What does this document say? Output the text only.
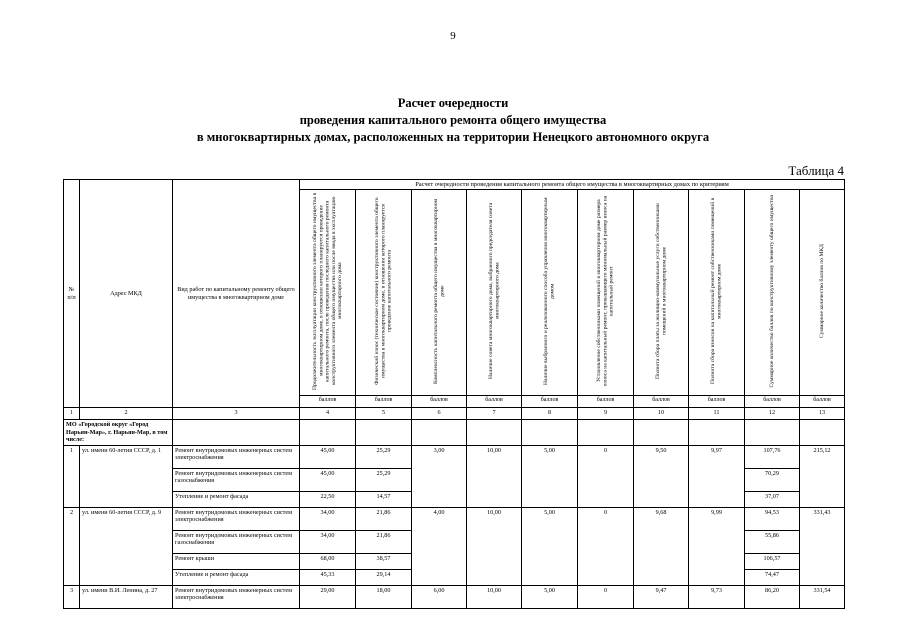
9
Расчет очередности
проведения капитального ремонта общего имущества
в многоквартирных домах, расположенных на территории Ненецкого автономного округа
Таблица 4
№ п/п	Адрес МКД	Вид работ по капитальному ремонту общего имущества в многоквартирном доме	Расчет очередности проведения капитального ремонта общего имущества в многоквартирных домах по критериям									
			Продолжительность эксплуатации конструктивного элемента общего имущества в многоквартирном доме, в отношении которого планируется проведение капитального ремонта, после проведения последнего капитального ремонта конструктивного элемента общего имущества или после ввода в эксплуатацию многоквартирного дома	Физический износ (техническое состояние) конструктивного элемента общего имущества в многоквартирном доме, в отношении которого планируется проведение капитального ремонта	Комплексность капитального ремонта общего имущества в многоквартирном доме	Наличие совета многоквартирного дома, выбранного председателя совета многоквартирного дома	Наличие выбранного и реализованного способа управления многоквартирным домом	Установление собственниками помещений в многоквартирном доме размера взноса на капитальный ремонт, превышающего минимальный размер взноса на капитальный ремонт	Полнота сбора платы за жилищно-коммунальные услуги собственниками помещений в многоквартирном доме	Полнота сбора взносов на капитальный ремонт собственниками помещений в многоквартирном доме	Суммарное количество баллов по конструктивному элементу общего имущества	Суммарное количество баллов по МКД
			баллов	баллов	баллов	баллов	баллов	баллов	баллов	баллов	баллов	баллов
1	2	3	4	5	6	7	8	9	10	11	12	13
МО «Городской округ «Город Нарьян-Мар», г. Нарьян-Мар, в том числе:												
1	ул. имени 60-летия СССР, д. 1	Ремонт внутридомовых инженерных систем электроснабжения	45,00	25,29	3,00	10,00	5,00	0	9,50	9,97	107,76	215,12
		Ремонт внутридомовых инженерных систем газоснабжения	45,00	25,29							70,29	
		Утепление и ремонт фасада	22,50	14,57							37,07	
2	ул. имени 60-летия СССР, д. 9	Ремонт внутридомовых инженерных систем электроснабжения	34,00	21,86	4,00	10,00	5,00	0	9,68	9,99	94,53	331,43
		Ремонт внутридомовых инженерных систем газоснабжения	34,00	21,86							55,86	
		Ремонт крыши	68,00	38,57							106,57	
		Утепление и ремонт фасада	45,33	29,14							74,47	
3	ул. имени В.И. Ленина, д. 27	Ремонт внутридомовых инженерных систем электроснабжения	29,00	18,00	6,00	10,00	5,00	0	9,47	9,73	86,20	331,54
